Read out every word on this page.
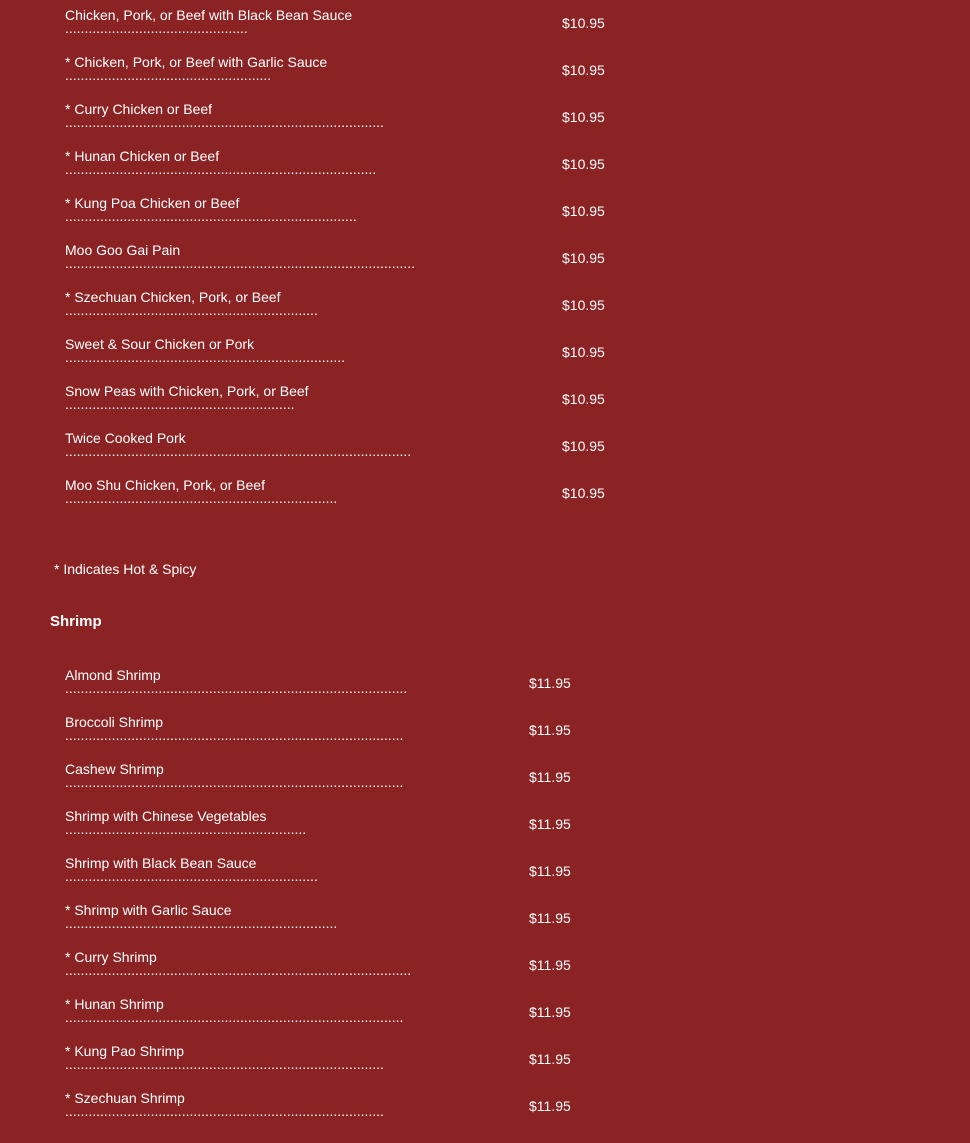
Chicken, Pork, or Beef with Black Bean Sauce
...............................................	$10.95
* Chicken, Pork, or Beef with Garlic Sauce
.....................................................	$10.95
* Curry Chicken or Beef
..................................................................................	$10.95
* Hunan Chicken or Beef
................................................................................	$10.95
* Kung Poa Chicken or Beef
...........................................................................	$10.95
Moo Goo Gai Pain
..........................................................................................	$10.95
* Szechuan Chicken, Pork, or Beef
.................................................................	$10.95
Sweet & Sour Chicken or Pork
........................................................................	$10.95
Snow Peas with Chicken, Pork, or Beef
...........................................................	$10.95
Twice Cooked Pork
.........................................................................................	$10.95
Moo Shu Chicken, Pork, or Beef
......................................................................	$10.95
* Indicates Hot & Spicy
Shrimp
Almond Shrimp
........................................................................................	$11.95
Broccoli Shrimp
.......................................................................................	$11.95
Cashew Shrimp
.......................................................................................	$11.95
Shrimp with Chinese Vegetables
..............................................................	$11.95
Shrimp with Black Bean Sauce
.................................................................	$11.95
* Shrimp with Garlic Sauce
......................................................................	$11.95
* Curry Shrimp
.........................................................................................	$11.95
* Hunan Shrimp
.......................................................................................	$11.95
* Kung Pao Shrimp
..................................................................................	$11.95
* Szechuan Shrimp
..................................................................................	$11.95
